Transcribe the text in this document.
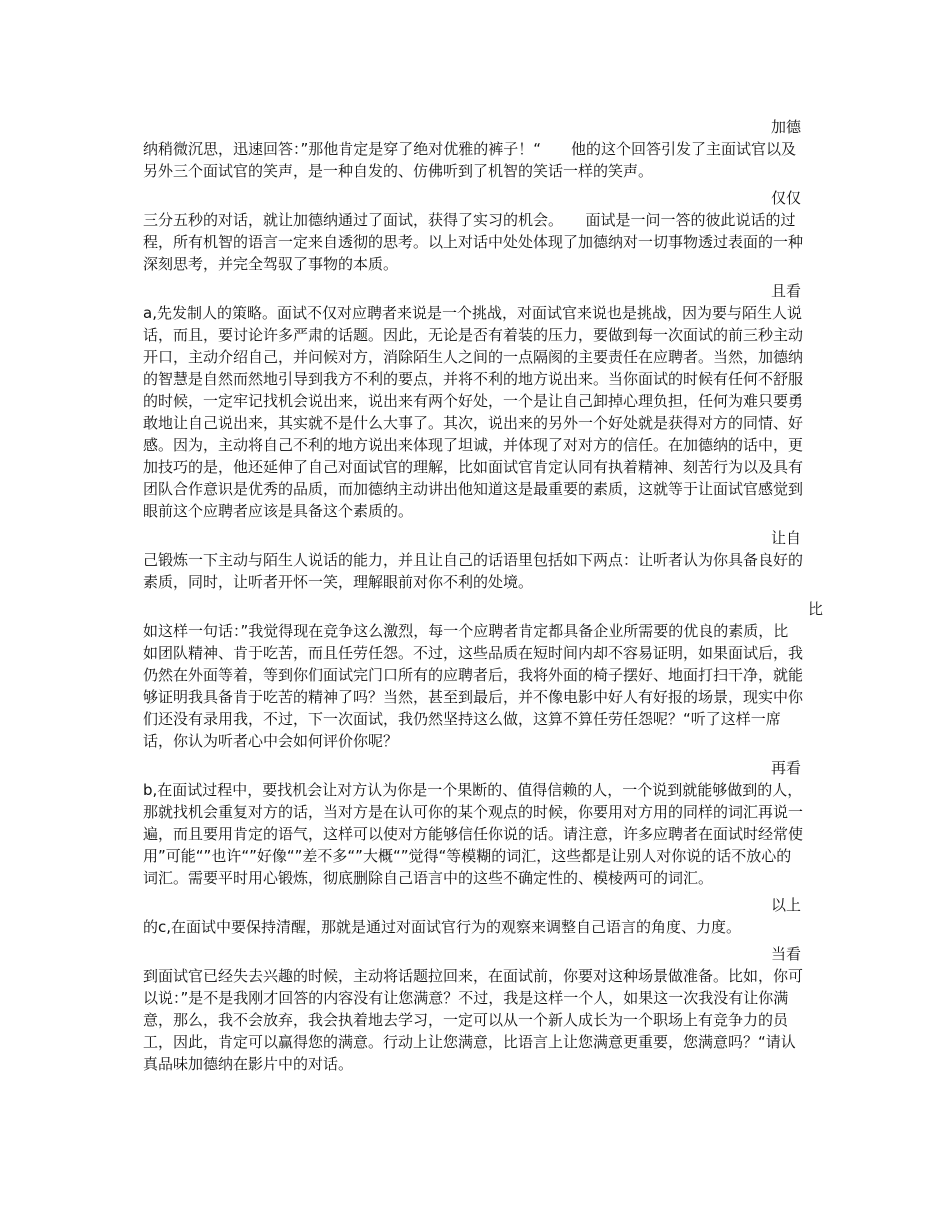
加德
纳稍微沉思，迅速回答：”那他肯定是穿了绝对优雅的裤子！“　　他的这个回答引发了主面试官以及另外三个面试官的笑声，是一种自发的、仿佛听到了机智的笑话一样的笑声。
仅仅
三分五秒的对话，就让加德纳通过了面试，获得了实习的机会。　　面试是一问一答的彼此说话的过程，所有机智的语言一定来自透彻的思考。以上对话中处处体现了加德纳对一切事物透过表面的一种深刻思考，并完全驾驭了事物的本质。
且看
a,先发制人的策略。面试不仅对应聘者来说是一个挑战，对面试官来说也是挑战，因为要与陌生人说话，而且，要讨论许多严肃的话题。因此，无论是否有着装的压力，要做到每一次面试的前三秒主动开口，主动介绍自己，并问候对方，消除陌生人之间的一点隔阂的主要责任在应聘者。当然，加德纳的智慧是自然而然地引导到我方不利的要点，并将不利的地方说出来。当你面试的时候有任何不舒服的时候，一定牢记找机会说出来，说出来有两个好处，一个是让自己卸掉心理负担，任何为难只要勇敢地让自己说出来，其实就不是什么大事了。其次，说出来的另外一个好处就是获得对方的同情、好感。因为，主动将自己不利的地方说出来体现了坦诚，并体现了对对方的信任。在加德纳的话中，更加技巧的是，他还延伸了自己对面试官的理解，比如面试官肯定认同有执着精神、刻苦行为以及具有团队合作意识是优秀的品质，而加德纳主动讲出他知道这是最重要的素质，这就等于让面试官感觉到眼前这个应聘者应该是具备这个素质的。
让自
己锻炼一下主动与陌生人说话的能力，并且让自己的话语里包括如下两点：让听者认为你具备良好的素质，同时，让听者开怀一笑，理解眼前对你不利的处境。
比
如这样一句话：”我觉得现在竞争这么激烈，每一个应聘者肯定都具备企业所需要的优良的素质，比如团队精神、肯于吃苦，而且任劳任怨。不过，这些品质在短时间内却不容易证明，如果面试后，我仍然在外面等着，等到你们面试完门口所有的应聘者后，我将外面的椅子摆好、地面打扫干净，就能够证明我具备肯于吃苦的精神了吗？当然，甚至到最后，并不像电影中好人有好报的场景，现实中你们还没有录用我，不过，下一次面试，我仍然坚持这么做，这算不算任劳任怨呢？“听了这样一席话，你认为听者心中会如何评价你呢？
再看
b,在面试过程中，要找机会让对方认为你是一个果断的、值得信赖的人，一个说到就能够做到的人，那就找机会重复对方的话，当对方是在认可你的某个观点的时候，你要用对方用的同样的词汇再说一遍，而且要用肯定的语气，这样可以使对方能够信任你说的话。请注意，许多应聘者在面试时经常使用”可能“”也许“”好像“”差不多“”大概“”觉得“等模糊的词汇，这些都是让别人对你说的话不放心的词汇。需要平时用心锻炼，彻底删除自己语言中的这些不确定性的、模棱两可的词汇。
以上
的c,在面试中要保持清醒，那就是通过对面试官行为的观察来调整自己语言的角度、力度。
当看
到面试官已经失去兴趣的时候，主动将话题拉回来，在面试前，你要对这种场景做准备。比如，你可以说：”是不是我刚才回答的内容没有让您满意？不过，我是这样一个人，如果这一次我没有让你满意，那么，我不会放弃，我会执着地去学习，一定可以从一个新人成长为一个职场上有竞争力的员工，因此，肯定可以赢得您的满意。行动上让您满意，比语言上让您满意更重要，您满意吗？“请认真品味加德纳在影片中的对话。
